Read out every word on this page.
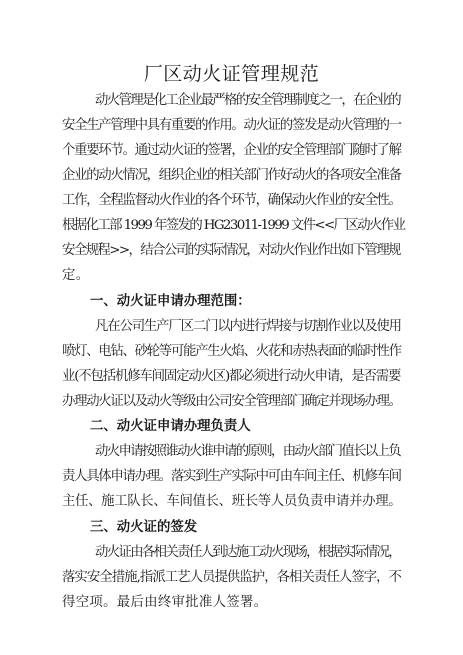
厂区动火证管理规范
动火管理是化工企业最严格的安全管理制度之一，在企业的
安全生产管理中具有重要的作用。动火证的签发是动火管理的一
个重要环节。通过动火证的签署，企业的安全管理部门随时了解
企业的动火情况，组织企业的相关部门作好动火的各项安全准备
工作，全程监督动火作业的各个环节，确保动火作业的安全性。
根据化工部 1999 年签发的 HG23011-1999 文件<<厂区动火作业
安全规程>>，结合公司的实际情况，对动火作业作出如下管理规
定。
一、动火证申请办理范围：
凡在公司生产厂区二门以内进行焊接与切割作业以及使用
喷灯、电钻、砂轮等可能产生火焰、火花和赤热表面的临时性作
业(不包括机修车间固定动火区)都必须进行动火申请，是否需要
办理动火证以及动火等级由公司安全管理部门确定并现场办理。
二、动火证申请办理负责人
动火申请按照谁动火谁申请的原则，由动火部门值长以上负
责人具体申请办理。落实到生产实际中可由车间主任、机修车间
主任、施工队长、车间值长、班长等人员负责申请并办理。
三、动火证的签发
动火证由各相关责任人到达施工动火现场，根据实际情况，
落实安全措施,指派工艺人员提供监护，各相关责任人签字，不
得空项。最后由终审批准人签署。
